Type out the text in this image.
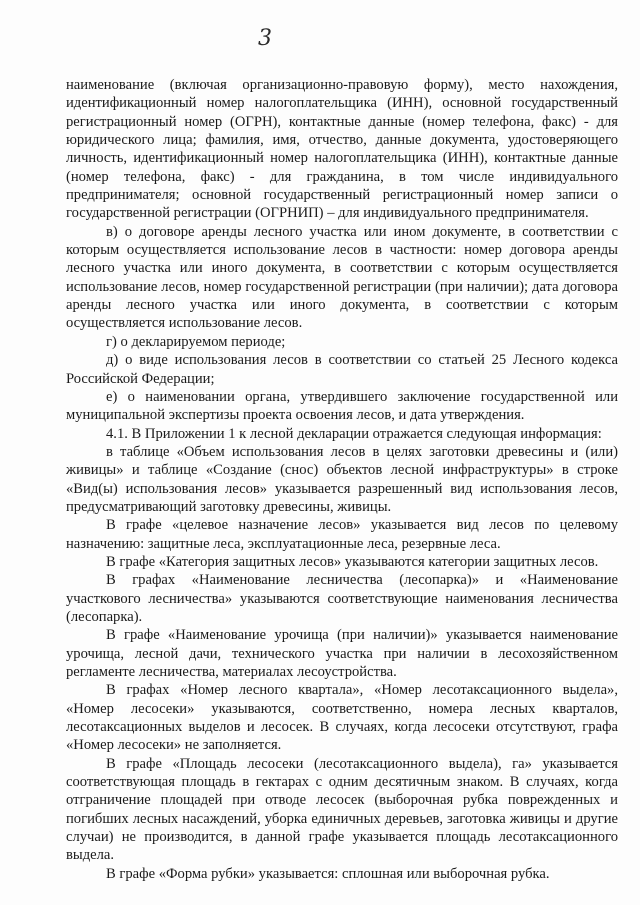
3

наименование (включая организационно-правовую форму), место нахождения, идентификационный номер налогоплательщика (ИНН), основной государственный регистрационный номер (ОГРН), контактные данные (номер телефона, факс) - для юридического лица; фамилия, имя, отчество, данные документа, удостоверяющего личность, идентификационный номер налогоплательщика (ИНН), контактные данные (номер телефона, факс) - для гражданина, в том числе индивидуального предпринимателя; основной государственный регистрационный номер записи о государственной регистрации (ОГРНИП) – для индивидуального предпринимателя.

в) о договоре аренды лесного участка или ином документе, в соответствии с которым осуществляется использование лесов в частности: номер договора аренды лесного участка или иного документа, в соответствии с которым осуществляется использование лесов, номер государственной регистрации (при наличии); дата договора аренды лесного участка или иного документа, в соответствии с которым осуществляется использование лесов.

г) о декларируемом периоде;

д) о виде использования лесов в соответствии со статьей 25 Лесного кодекса Российской Федерации;

е) о наименовании органа, утвердившего заключение государственной или муниципальной экспертизы проекта освоения лесов, и дата утверждения.

4.1. В Приложении 1 к лесной декларации отражается следующая информация:

в таблице «Объем использования лесов в целях заготовки древесины и (или) живицы» и таблице «Создание (снос) объектов лесной инфраструктуры» в строке «Вид(ы) использования лесов» указывается разрешенный вид использования лесов, предусматривающий заготовку древесины, живицы.

В графе «целевое назначение лесов» указывается вид лесов по целевому назначению: защитные леса, эксплуатационные леса, резервные леса.

В графе «Категория защитных лесов» указываются категории защитных лесов.

В графах «Наименование лесничества (лесопарка)» и «Наименование участкового лесничества» указываются соответствующие наименования лесничества (лесопарка).

В графе «Наименование урочища (при наличии)» указывается наименование урочища, лесной дачи, технического участка при наличии в лесохозяйственном регламенте лесничества, материалах лесоустройства.

В графах «Номер лесного квартала», «Номер лесотаксационного выдела», «Номер лесосеки» указываются, соответственно, номера лесных кварталов, лесотаксационных выделов и лесосек. В случаях, когда лесосеки отсутствуют, графа «Номер лесосеки» не заполняется.

В графе «Площадь лесосеки (лесотаксационного выдела), га» указывается соответствующая площадь в гектарах с одним десятичным знаком. В случаях, когда отграничение площадей при отводе лесосек (выборочная рубка поврежденных и погибших лесных насаждений, уборка единичных деревьев, заготовка живицы и другие случаи) не производится, в данной графе указывается площадь лесотаксационного выдела.

В графе «Форма рубки» указывается: сплошная или выборочная рубка.
